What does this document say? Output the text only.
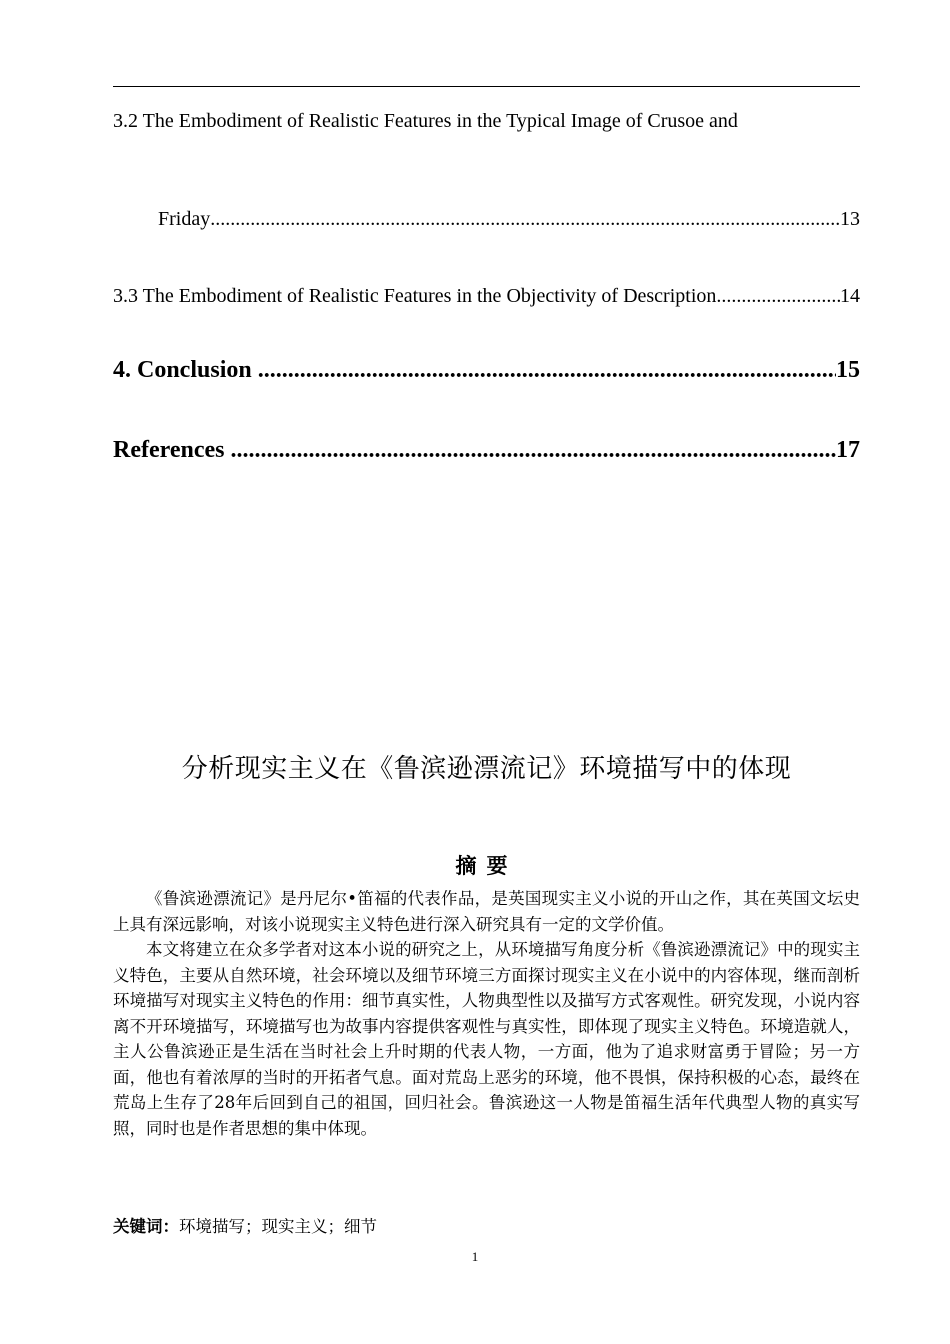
3.2 The Embodiment of Realistic Features in the Typical Image of Crusoe and
Friday .....	13
3.3 The Embodiment of Realistic Features in the Objectivity of Description .....	14
4. Conclusion .....	15
References .....	17
分析现实主义在《鲁滨逊漂流记》环境描写中的体现
摘要

《鲁滨逊漂流记》是丹尼尔•笛福的代表作品，是英国现实主义小说的开山之作，其在英国文坛史上具有深远影响，对该小说现实主义特色进行深入研究具有一定的文学价值。

本文将建立在众多学者对这本小说的研究之上，从环境描写角度分析《鲁滨逊漂流记》中的现实主义特色，主要从自然环境，社会环境以及细节环境三方面探讨现实主义在小说中的内容体现，继而剖析环境描写对现实主义特色的作用：细节真实性，人物典型性以及描写方式客观性。研究发现，小说内容离不开环境描写，环境描写也为故事内容提供客观性与真实性，即体现了现实主义特色。环境造就人，主人公鲁滨逊正是生活在当时社会上升时期的代表人物，一方面，他为了追求财富勇于冒险；另一方面，他也有着浓厚的当时的开拓者气息。面对荒岛上恶劣的环境，他不畏惧，保持积极的心态，最终在荒岛上生存了28年后回到自己的祖国，回归社会。鲁滨逊这一人物是笛福生活年代典型人物的真实写照，同时也是作者思想的集中体现。

关键词：环境描写；现实主义；细节
1
